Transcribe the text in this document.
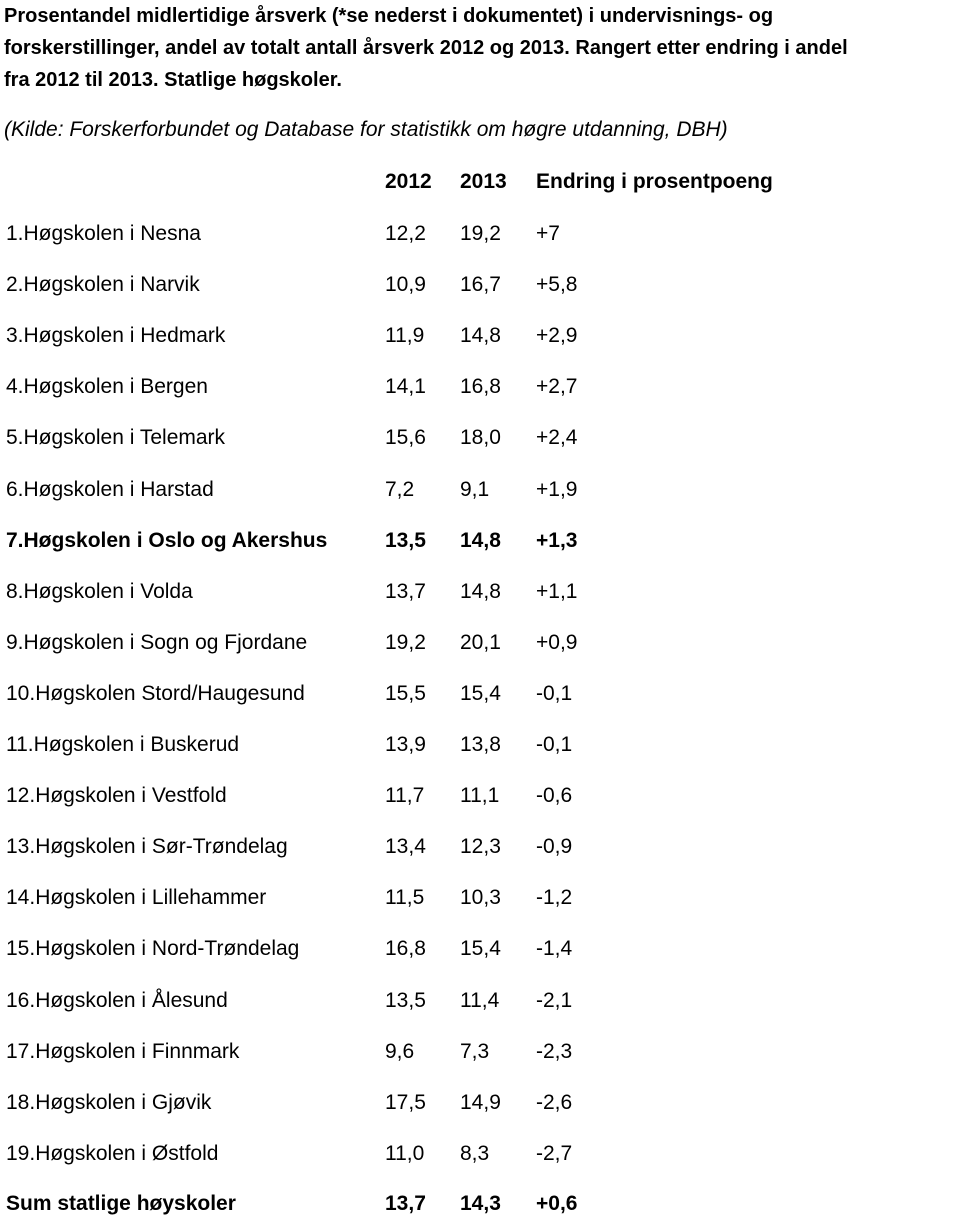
Prosentandel midlertidige årsverk (*se nederst i dokumentet) i undervisnings- og
forskerstillinger, andel av totalt antall årsverk 2012 og 2013. Rangert etter endring i andel
fra 2012 til 2013. Statlige høgskoler.
(Kilde: Forskerforbundet og Database for statistikk om høgre utdanning, DBH)
2012 2013 Endring i prosentpoeng
1.Høgskolen i Nesna	12,2 19,2 +7
2.Høgskolen i Narvik	10,9 16,7 +5,8
3.Høgskolen i Hedmark	11,9 14,8 +2,9
4.Høgskolen i Bergen	14,1 16,8 +2,7
5.Høgskolen i Telemark	15,6 18,0 +2,4
6.Høgskolen i Harstad	7,2 9,1 +1,9
7.Høgskolen i Oslo og Akershus	13,5 14,8 +1,3
8.Høgskolen i Volda	13,7 14,8 +1,1
9.Høgskolen i Sogn og Fjordane	19,2 20,1 +0,9
10.Høgskolen Stord/Haugesund	15,5 15,4 -0,1
11.Høgskolen i Buskerud	13,9 13,8 -0,1
12.Høgskolen i Vestfold	11,7 11,1 -0,6
13.Høgskolen i Sør-Trøndelag	13,4 12,3 -0,9
14.Høgskolen i Lillehammer	11,5 10,3 -1,2
15.Høgskolen i Nord-Trøndelag	16,8 15,4 -1,4
16.Høgskolen i Ålesund	13,5 11,4 -2,1
17.Høgskolen i Finnmark	9,6 7,3 -2,3
18.Høgskolen i Gjøvik	17,5 14,9 -2,6
19.Høgskolen i Østfold	11,0 8,3 -2,7
Sum statlige høyskoler	13,7 14,3 +0,6
